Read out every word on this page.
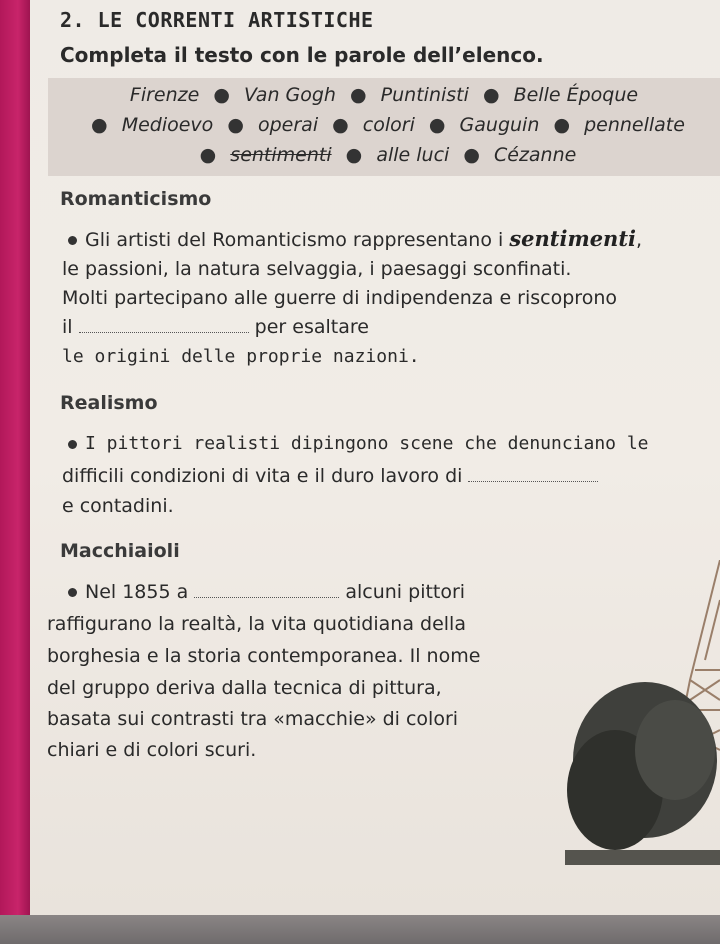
2. LE CORRENTI ARTISTICHE
Completa il testo con le parole dell’elenco.
Firenze ● Van Gogh ● Puntinisti ● Belle Époque
● Medioevo ● operai ● colori ● Gauguin ● pennellate
● sentimenti ● alle luci ● Cézanne
Romanticismo
Gli artisti del Romanticismo rappresentano i sentimenti,
le passioni, la natura selvaggia, i paesaggi sconfinati.
Molti partecipano alle guerre di indipendenza e riscoprono
il	per esaltare
le origini delle proprie nazioni.
Realismo
I pittori realisti dipingono scene che denunciano le
difficili condizioni di vita e il duro lavoro di
e contadini.
Macchiaioli
Nel 1855 a	alcuni pittori
raffigurano la realtà, la vita quotidiana della
borghesia e la storia contemporanea. Il nome
del gruppo deriva dalla tecnica di pittura,
basata sui contrasti tra «macchie» di colori
chiari e di colori scuri.
